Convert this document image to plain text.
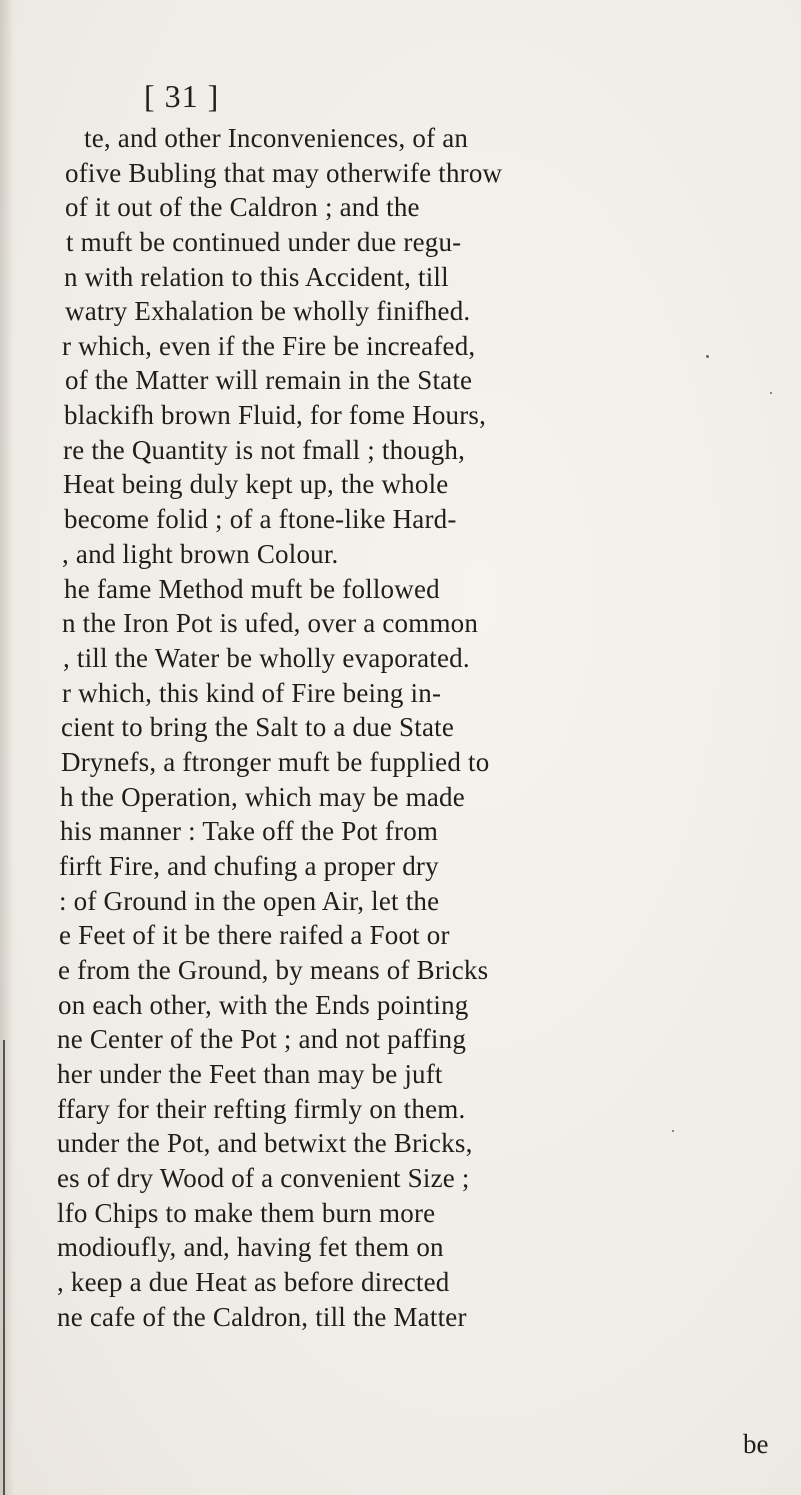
[ 31 ]
te, and other Inconveniences, of an
ofive Bubling that may otherwife throw
of it out of the Caldron ; and the
t muft be continued under due regu-
n with relation to this Accident, till
watry Exhalation be wholly finifhed.
r which, even if the Fire be increafed,
of the Matter will remain in the State
blackifh brown Fluid, for fome Hours,
re the Quantity is not fmall ; though,
Heat being duly kept up, the whole
become folid ; of a ftone-like Hard-
, and light brown Colour.
he fame Method muft be followed
n the Iron Pot is ufed, over a common
, till the Water be wholly evaporated.
r which, this kind of Fire being in-
cient to bring the Salt to a due State
Drynefs, a ftronger muft be fupplied to
h the Operation, which may be made
his manner : Take off the Pot from
firft Fire, and chufing a proper dry
: of Ground in the open Air, let the
e Feet of it be there raifed a Foot or
e from the Ground, by means of Bricks
on each other, with the Ends pointing
ne Center of the Pot ; and not paffing
her under the Feet than may be juft
ffary for their refting firmly on them.
under the Pot, and betwixt the Bricks,
es of dry Wood of a convenient Size ;
lfo Chips to make them burn more
modioufly, and, having fet them on
, keep a due Heat as before directed
ne cafe of the Caldron, till the Matter
be
